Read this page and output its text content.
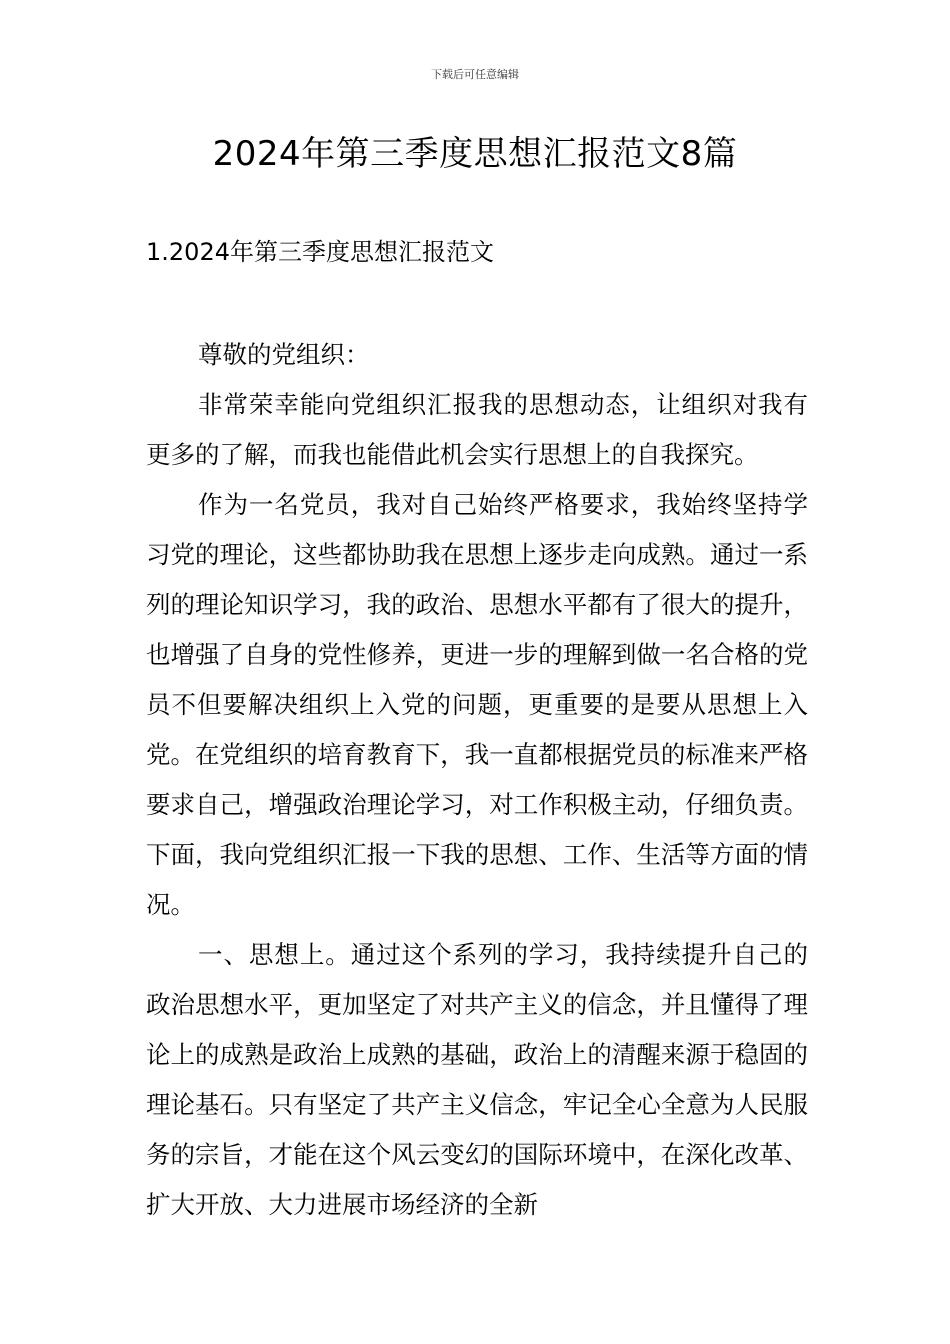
下载后可任意编辑
2024年第三季度思想汇报范文8篇
1.2024年第三季度思想汇报范文

尊敬的党组织：

非常荣幸能向党组织汇报我的思想动态，让组织对我有更多的了解，而我也能借此机会实行思想上的自我探究。

作为一名党员，我对自己始终严格要求，我始终坚持学习党的理论，这些都协助我在思想上逐步走向成熟。通过一系列的理论知识学习，我的政治、思想水平都有了很大的提升，也增强了自身的党性修养，更进一步的理解到做一名合格的党员不但要解决组织上入党的问题，更重要的是要从思想上入党。在党组织的培育教育下，我一直都根据党员的标准来严格要求自己，增强政治理论学习，对工作积极主动，仔细负责。下面，我向党组织汇报一下我的思想、工作、生活等方面的情况。

一、思想上。通过这个系列的学习，我持续提升自己的政治思想水平，更加坚定了对共产主义的信念，并且懂得了理论上的成熟是政治上成熟的基础，政治上的清醒来源于稳固的理论基石。只有坚定了共产主义信念，牢记全心全意为人民服务的宗旨，才能在这个风云变幻的国际环境中，在深化改革、扩大开放、大力进展市场经济的全新
